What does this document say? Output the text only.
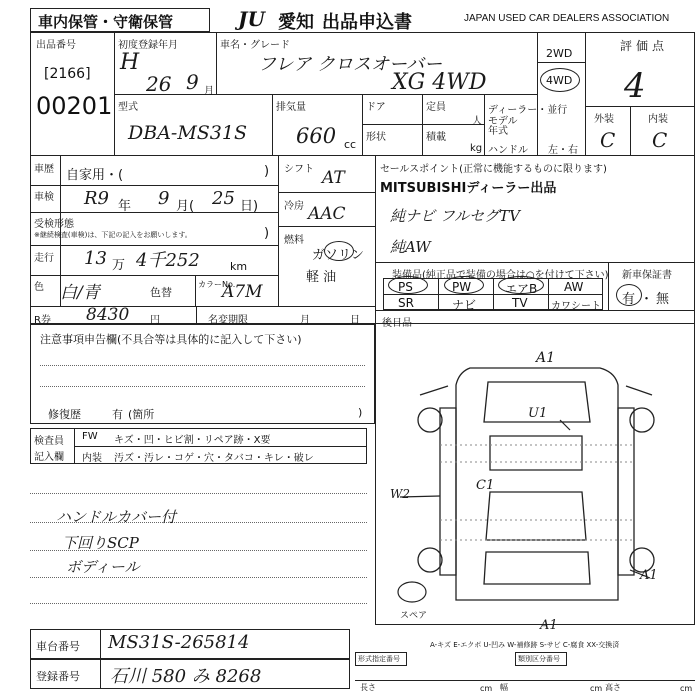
車内保管・守衛保管	JU 愛知 出品申込書	JAPAN USED CAR DEALERS ASSOCIATION
出品番号
[2166]
00201
初度登録年月
H
26 9 月
車名・グレード
フレア クロスオーバー
XG 4WD
2WD
4WD
評価点
4
外装	内装
C C
型式
DBA-MS31S
排気量
660 cc
ドア	定員
人
形状	積載
kg
ディーラー・並行
モデル年式
ハンドル 左・右
車歴 自家用・(	)
車検 R9 年 9 月( 25 日)
受検形態
※継続検査(車検)は、下記の記入をお願いします。	)
走行 13 万 4千252	km
色 白/青	色替
カラーNo.
A7M
R券 8430 円	名変期限	月	日
シフト AT
冷房 AAC
燃料
ガソリン
軽 油
セールスポイント(正常に機能するものに限ります)
MITSUBISHIディーラー出品
純ナビ フルセグTV
純AW
装備品(純正品で装備の場合は○を付けて下さい)
PS	PW	エアB AW
SR	ナビ	TV カワシート
新車保証書
有 ・ 無
注意事項申告欄(不具合等は具体的に記入して下さい)
修復歴	有 (箇所	)
後日品
検査員
記入欄
FW キズ・凹・ヒビ割・リペア跡・X要
内装 汚ズ・汚レ・コゲ・穴・タバコ・キレ・破レ
ハンドルカバー付
下回りSCP
ボディール
A1
U1
W2
C1
A1
A1
スペア
A-キズ E-エクボ U-凹み W-補修跡 S-サビ C-腐食 XX-交換済
車台番号 MS31S-265814
登録番号 石川 580 み 8268
形式指定番号	類別区分番号
長さ	cm 幅	cm 高さ	cm
